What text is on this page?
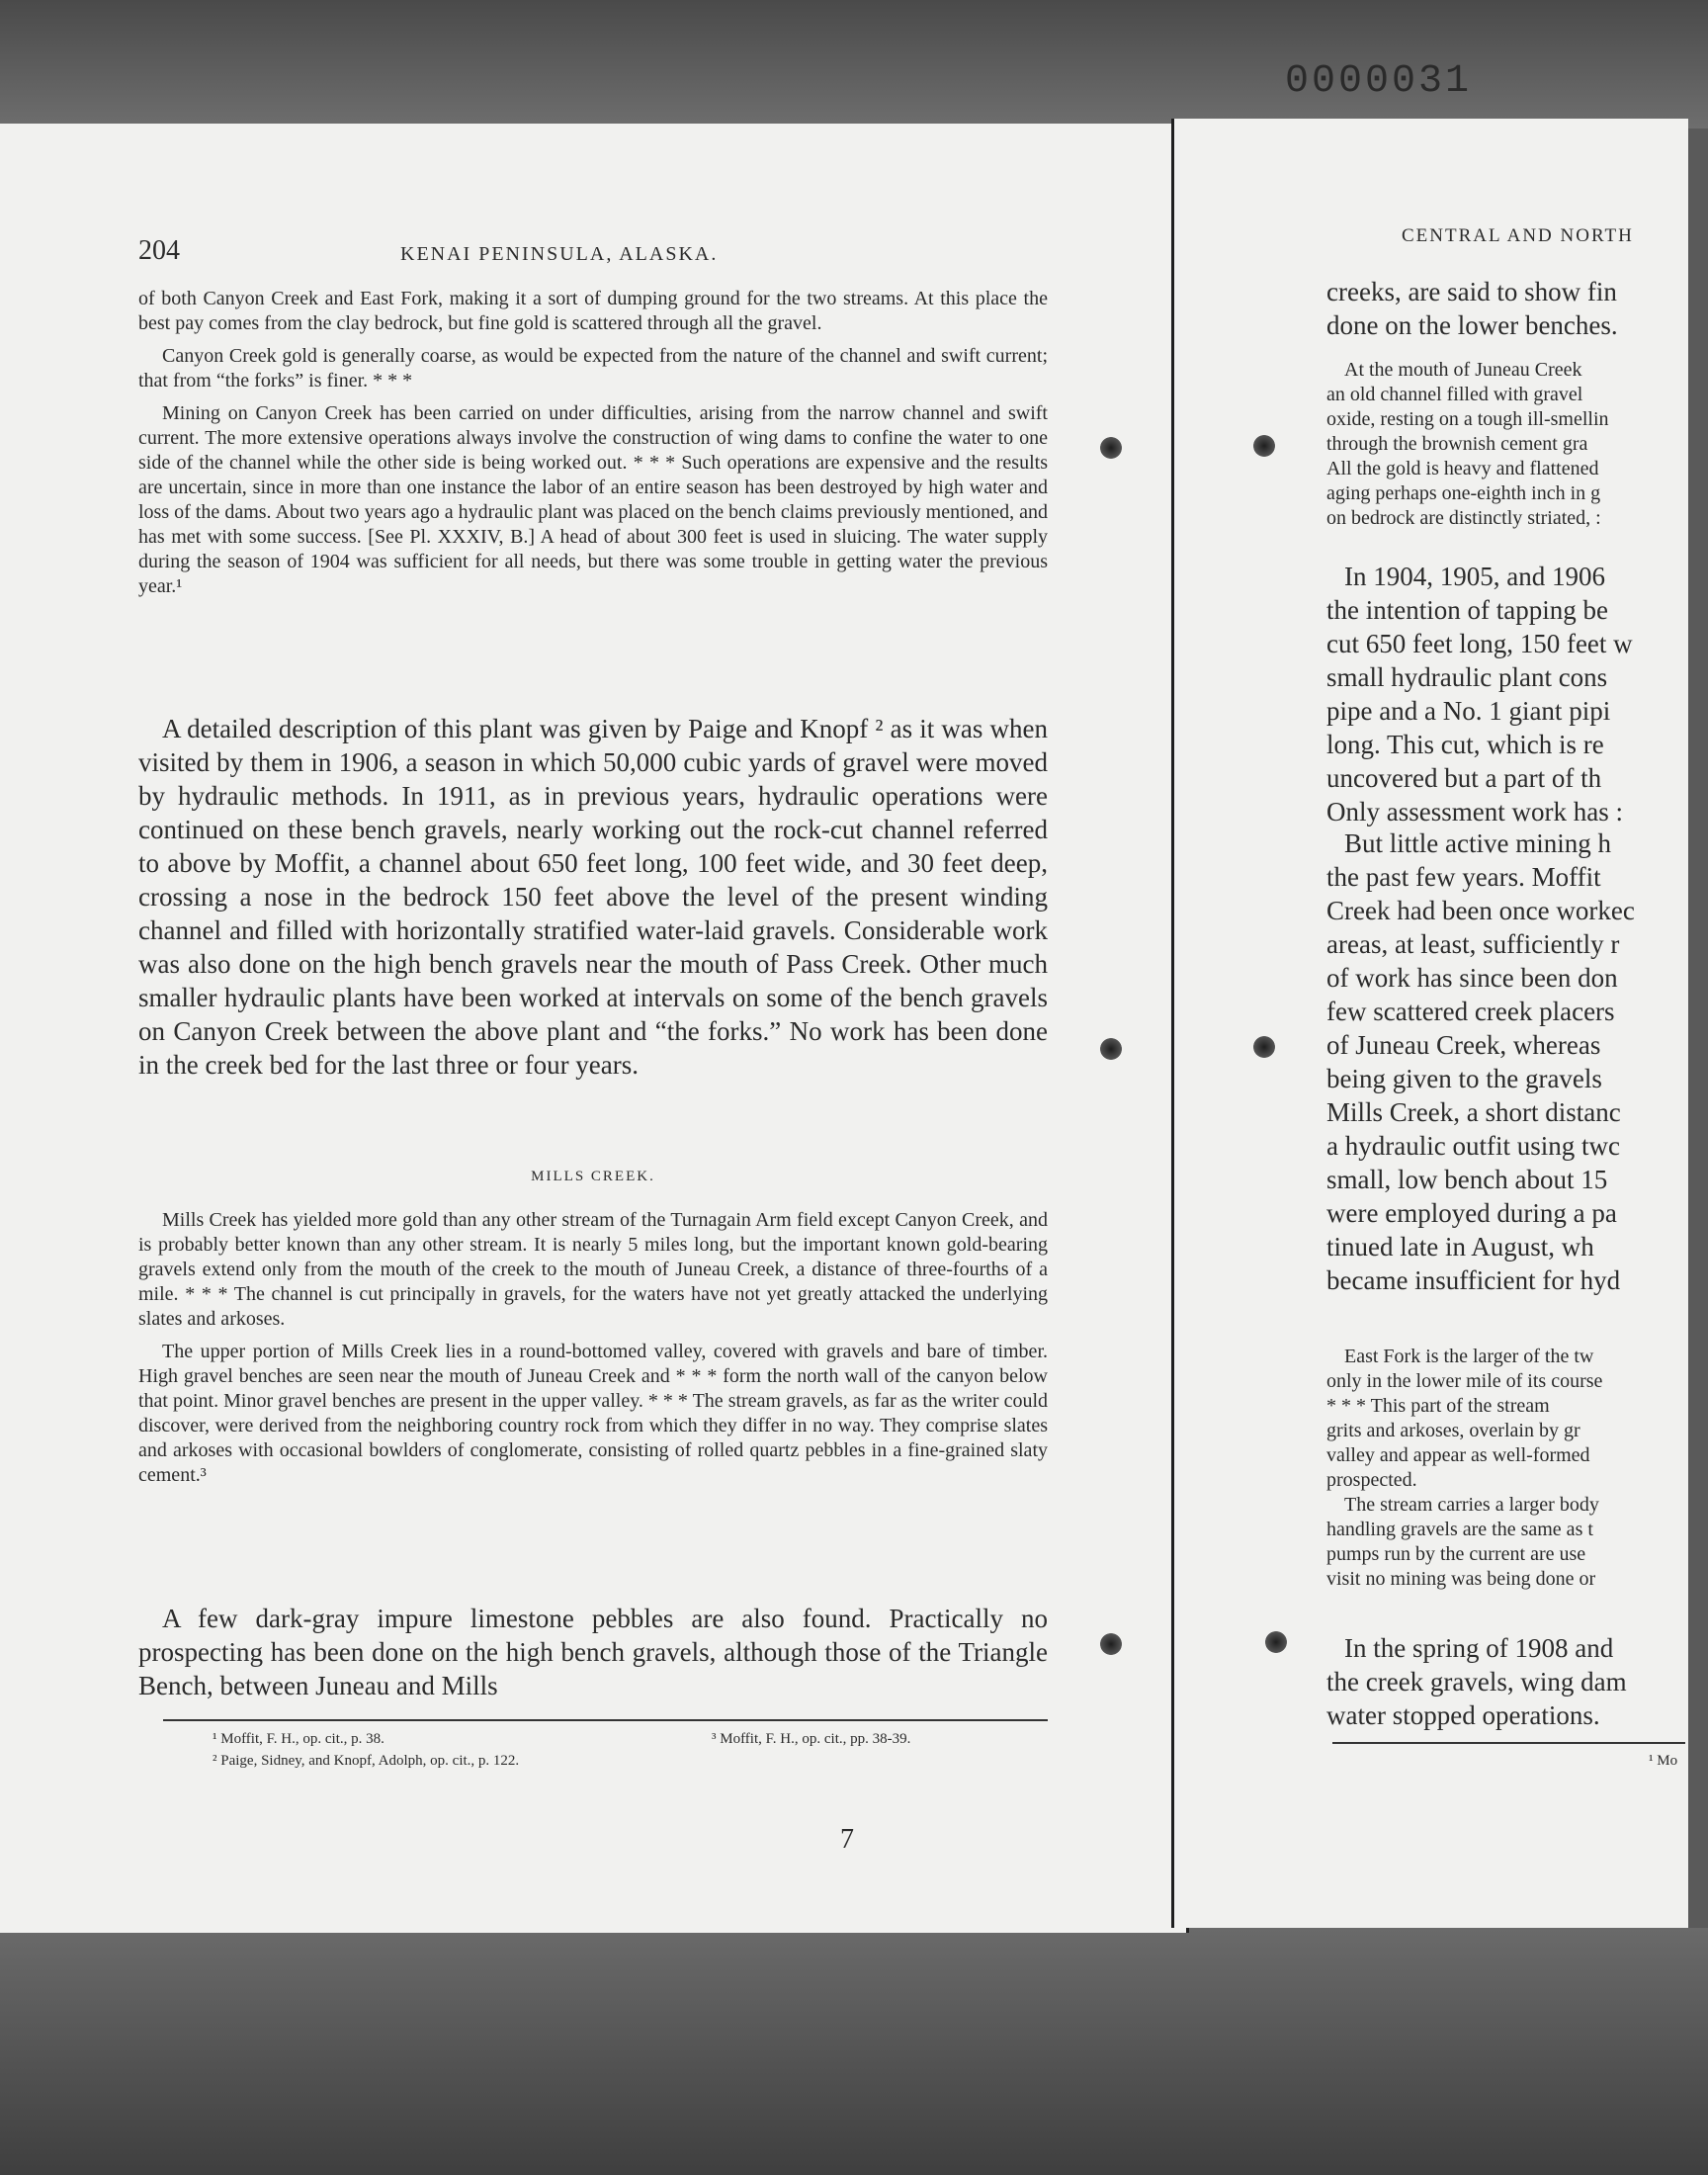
0000031
204	KENAI PENINSULA, ALASKA.

of both Canyon Creek and East Fork, making it a sort of dumping ground for the two streams. At this place the best pay comes from the clay bedrock, but fine gold is scattered through all the gravel.

Canyon Creek gold is generally coarse, as would be expected from the nature of the channel and swift current; that from “the forks” is finer. * * *

Mining on Canyon Creek has been carried on under difficulties, arising from the narrow channel and swift current. The more extensive operations always involve the construction of wing dams to confine the water to one side of the channel while the other side is being worked out. * * * Such operations are expensive and the results are uncertain, since in more than one instance the labor of an entire season has been destroyed by high water and loss of the dams. About two years ago a hydraulic plant was placed on the bench claims previously mentioned, and has met with some success. [See Pl. XXXIV, B.] A head of about 300 feet is used in sluicing. The water supply during the season of 1904 was sufficient for all needs, but there was some trouble in getting water the previous year.¹

A detailed description of this plant was given by Paige and Knopf ² as it was when visited by them in 1906, a season in which 50,000 cubic yards of gravel were moved by hydraulic methods. In 1911, as in previous years, hydraulic operations were continued on these bench gravels, nearly working out the rock-cut channel referred to above by Moffit, a channel about 650 feet long, 100 feet wide, and 30 feet deep, crossing a nose in the bedrock 150 feet above the level of the present winding channel and filled with horizontally stratified water-laid gravels. Considerable work was also done on the high bench gravels near the mouth of Pass Creek. Other much smaller hydraulic plants have been worked at intervals on some of the bench gravels on Canyon Creek between the above plant and “the forks.” No work has been done in the creek bed for the last three or four years.

MILLS CREEK.

Mills Creek has yielded more gold than any other stream of the Turnagain Arm field except Canyon Creek, and is probably better known than any other stream. It is nearly 5 miles long, but the important known gold-bearing gravels extend only from the mouth of the creek to the mouth of Juneau Creek, a distance of three-fourths of a mile. * * * The channel is cut principally in gravels, for the waters have not yet greatly attacked the underlying slates and arkoses.

The upper portion of Mills Creek lies in a round-bottomed valley, covered with gravels and bare of timber. High gravel benches are seen near the mouth of Juneau Creek and * * * form the north wall of the canyon below that point. Minor gravel benches are present in the upper valley. * * * The stream gravels, as far as the writer could discover, were derived from the neighboring country rock from which they differ in no way. They comprise slates and arkoses with occasional bowlders of conglomerate, consisting of rolled quartz pebbles in a fine-grained slaty cement.³

A few dark-gray impure limestone pebbles are also found. Practically no prospecting has been done on the high bench gravels, although those of the Triangle Bench, between Juneau and Mills

¹ Moffit, F. H., op. cit., p. 38.
² Paige, Sidney, and Knopf, Adolph, op. cit., p. 122.
³ Moffit, F. H., op. cit., pp. 38-39.
7
CENTRAL AND NORTH
creeks, are said to show fin
done on the lower benches.
At the mouth of Juneau Creek
an old channel filled with gravel
oxide, resting on a tough ill-smellin
through the brownish cement gra
All the gold is heavy and flattened
aging perhaps one-eighth inch in g
on bedrock are distinctly striated, :
In 1904, 1905, and 1906
the intention of tapping be
cut 650 feet long, 150 feet w
small hydraulic plant cons
pipe and a No. 1 giant pipi
long. This cut, which is re
uncovered but a part of th
Only assessment work has :
But little active mining h
the past few years. Moffit
Creek had been once workec
areas, at least, sufficiently r
of work has since been don
few scattered creek placers
of Juneau Creek, whereas
being given to the gravels
Mills Creek, a short distanc
a hydraulic outfit using twc
small, low bench about 15
were employed during a pa
tinued late in August, wh
became insufficient for hyd
East Fork is the larger of the tw
only in the lower mile of its course
* * * This part of the stream
grits and arkoses, overlain by gr
valley and appear as well-formed
prospected.
The stream carries a larger body
handling gravels are the same as t
pumps run by the current are use
visit no mining was being done or
In the spring of 1908 and
the creek gravels, wing dam
water stopped operations.
¹ Mo
